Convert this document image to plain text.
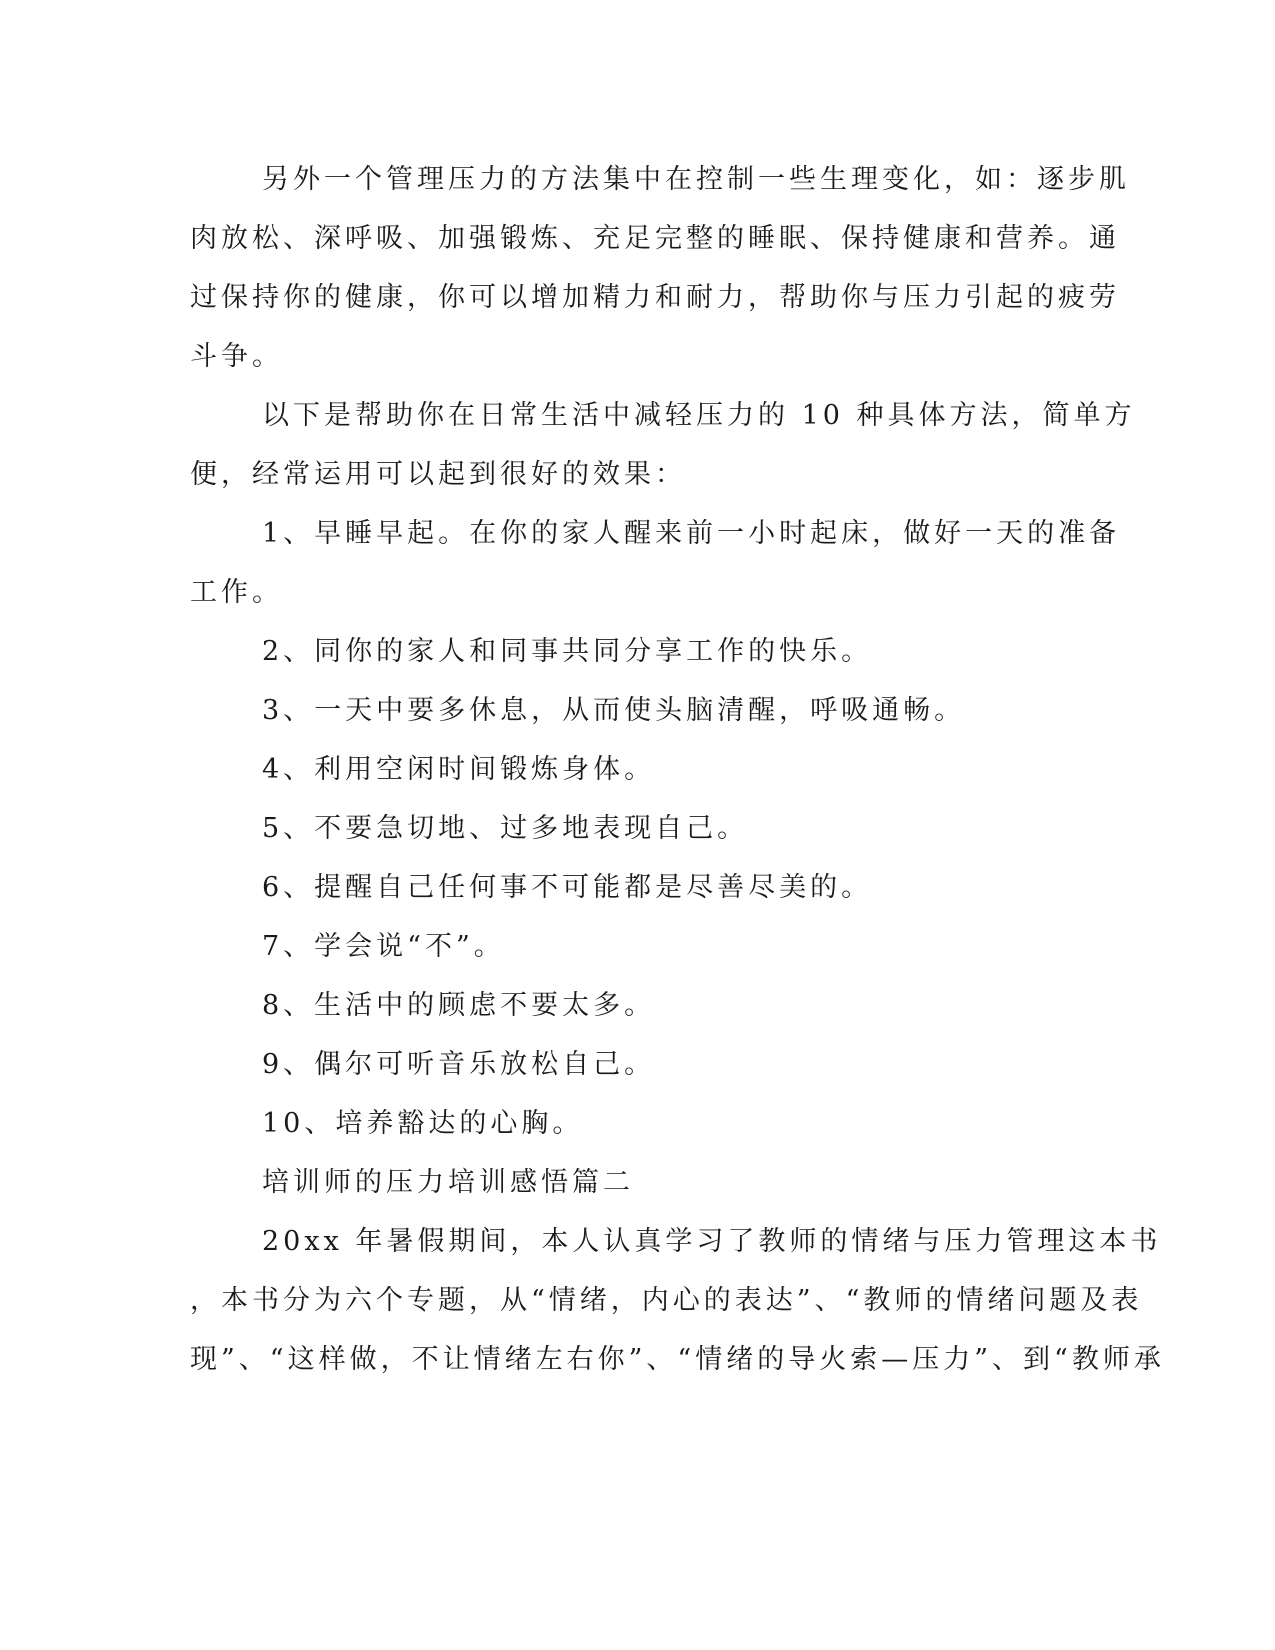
另外一个管理压力的方法集中在控制一些生理变化，如：逐步肌
肉放松、深呼吸、加强锻炼、充足完整的睡眠、保持健康和营养。通
过保持你的健康，你可以增加精力和耐力，帮助你与压力引起的疲劳
斗争。
以下是帮助你在日常生活中减轻压力的 10 种具体方法，简单方
便，经常运用可以起到很好的效果：
1、早睡早起。在你的家人醒来前一小时起床，做好一天的准备
工作。
2、同你的家人和同事共同分享工作的快乐。
3、一天中要多休息，从而使头脑清醒，呼吸通畅。
4、利用空闲时间锻炼身体。
5、不要急切地、过多地表现自己。
6、提醒自己任何事不可能都是尽善尽美的。
7、学会说“不”。
8、生活中的顾虑不要太多。
9、偶尔可听音乐放松自己。
10、培养豁达的心胸。
培训师的压力培训感悟篇二
20xx 年暑假期间，本人认真学习了教师的情绪与压力管理这本书
，本书分为六个专题，从“情绪，内心的表达”、“教师的情绪问题及表
现”、“这样做，不让情绪左右你”、“情绪的导火索—压力”、到“教师承
